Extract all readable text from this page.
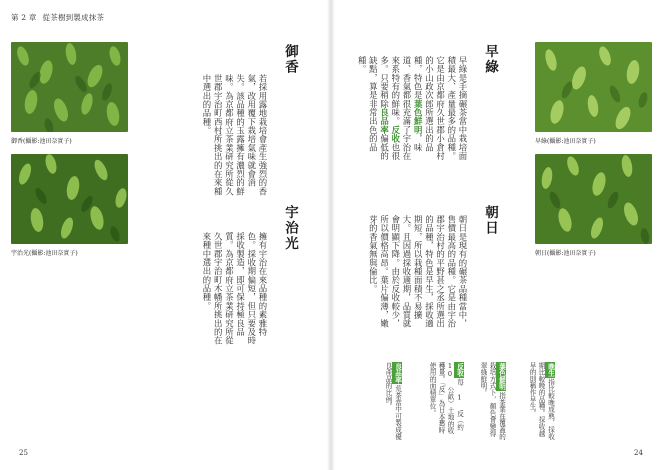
第 2 章 從茶樹到製成抹茶
御香(攝影:池田奈實子)
宇治光(攝影:池田奈實子)
御香
若採用露地栽培會產生強烈的香氣，改用覆下栽培氣味就會消失。該品種的玉露擁有濃烈的鮮味。為京都府立茶業研究所從久世郡宇治町西村所挑出的在來種中選出的品種。
宇治光
擁有宇治在來品種的素雅特色。採收期偏短，但只要及時採收製造，即可保持極良品質。為京都府立茶業研究所從久世郡宇治町木幡所挑出的在來種中選出的品種。
25
早綠
早綠是手摘碾茶當中栽培面積最大、產量最多的品種。它是由京都府久世郡小倉村的小山政次郎所選出的品種，特色是葉色鮮明，味道、香氣都很充滿了宇治在來系特有的鮮味。反收也很多。只要稍除良品率偏低的缺點，算是非常出色的品種。
朝日
朝日是現有的碾茶品種當中，售價最高的品種。它是由宇治郡宇治村的平野甚之丞所選出的品種，特色是早生，採收適期短，所以栽種面積不易擴大。且因過採收適期，品質就會明顯下降。由於反收較少，所以價格高昂。葉片偏薄，嫩芽的香氣無與倫比。
早綠(攝影:池田奈實子)
朝日(攝影:池田奈實子)
晚生指比較晚成熟，採收期比較晚的品種。採收越早的則稱作早生。
葉色鮮明指茶葉在覆蓋的栽培方式下，顏色會變得翠綠鮮明。
反收每 1 反（約 10 公畝）土地的收穫量。「反」為日本舊時使用的面積單位。
良品率荒茶當中可製成優良產品的比例。
24
